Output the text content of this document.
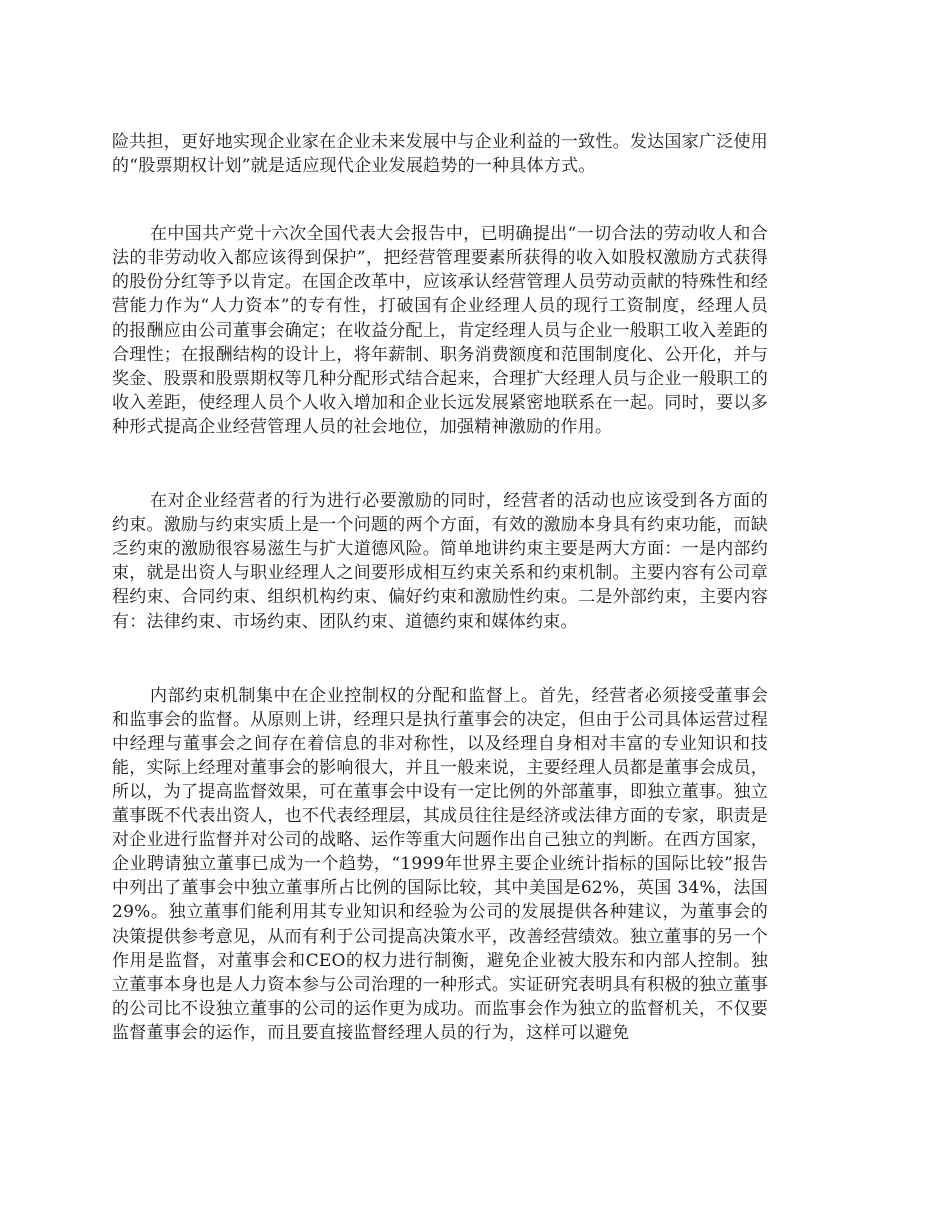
险共担，更好地实现企业家在企业未来发展中与企业利益的一致性。发达国家广泛使用的“股票期权计划”就是适应现代企业发展趋势的一种具体方式。

在中国共产党十六次全国代表大会报告中，已明确提出“一切合法的劳动收人和合法的非劳动收入都应该得到保护”，把经营管理要素所获得的收入如股权激励方式获得的股份分红等予以肯定。在国企改革中，应该承认经营管理人员劳动贡献的特殊性和经营能力作为“人力资本”的专有性，打破国有企业经理人员的现行工资制度，经理人员的报酬应由公司董事会确定；在收益分配上，肯定经理人员与企业一般职工收入差距的合理性；在报酬结构的设计上，将年薪制、职务消费额度和范围制度化、公开化，并与奖金、股票和股票期权等几种分配形式结合起来，合理扩大经理人员与企业一般职工的收入差距，使经理人员个人收入增加和企业长远发展紧密地联系在一起。同时，要以多种形式提高企业经营管理人员的社会地位，加强精神激励的作用。

在对企业经营者的行为进行必要激励的同时，经营者的活动也应该受到各方面的约束。激励与约束实质上是一个问题的两个方面，有效的激励本身具有约束功能，而缺乏约束的激励很容易滋生与扩大道德风险。简单地讲约束主要是两大方面：一是内部约束，就是出资人与职业经理人之间要形成相互约束关系和约束机制。主要内容有公司章程约束、合同约束、组织机构约束、偏好约束和激励性约束。二是外部约束，主要内容有：法律约束、市场约束、团队约束、道德约束和媒体约束。

内部约束机制集中在企业控制权的分配和监督上。首先，经营者必须接受董事会和监事会的监督。从原则上讲，经理只是执行董事会的决定，但由于公司具体运营过程中经理与董事会之间存在着信息的非对称性，以及经理自身相对丰富的专业知识和技能，实际上经理对董事会的影响很大，并且一般来说，主要经理人员都是董事会成员，所以，为了提高监督效果，可在董事会中设有一定比例的外部董事，即独立董事。独立董事既不代表出资人，也不代表经理层，其成员往往是经济或法律方面的专家，职责是对企业进行监督并对公司的战略、运作等重大问题作出自己独立的判断。在西方国家，企业聘请独立董事已成为一个趋势，“1999年世界主要企业统计指标的国际比较”报告中列出了董事会中独立董事所占比例的国际比较，其中美国是62%，英国 34%，法国29%。独立董事们能利用其专业知识和经验为公司的发展提供各种建议，为董事会的决策提供参考意见，从而有利于公司提高决策水平，改善经营绩效。独立董事的另一个作用是监督，对董事会和CEO的权力进行制衡，避免企业被大股东和内部人控制。独立董事本身也是人力资本参与公司治理的一种形式。实证研究表明具有积极的独立董事的公司比不设独立董事的公司的运作更为成功。而监事会作为独立的监督机关，不仅要监督董事会的运作，而且要直接监督经理人员的行为，这样可以避免
